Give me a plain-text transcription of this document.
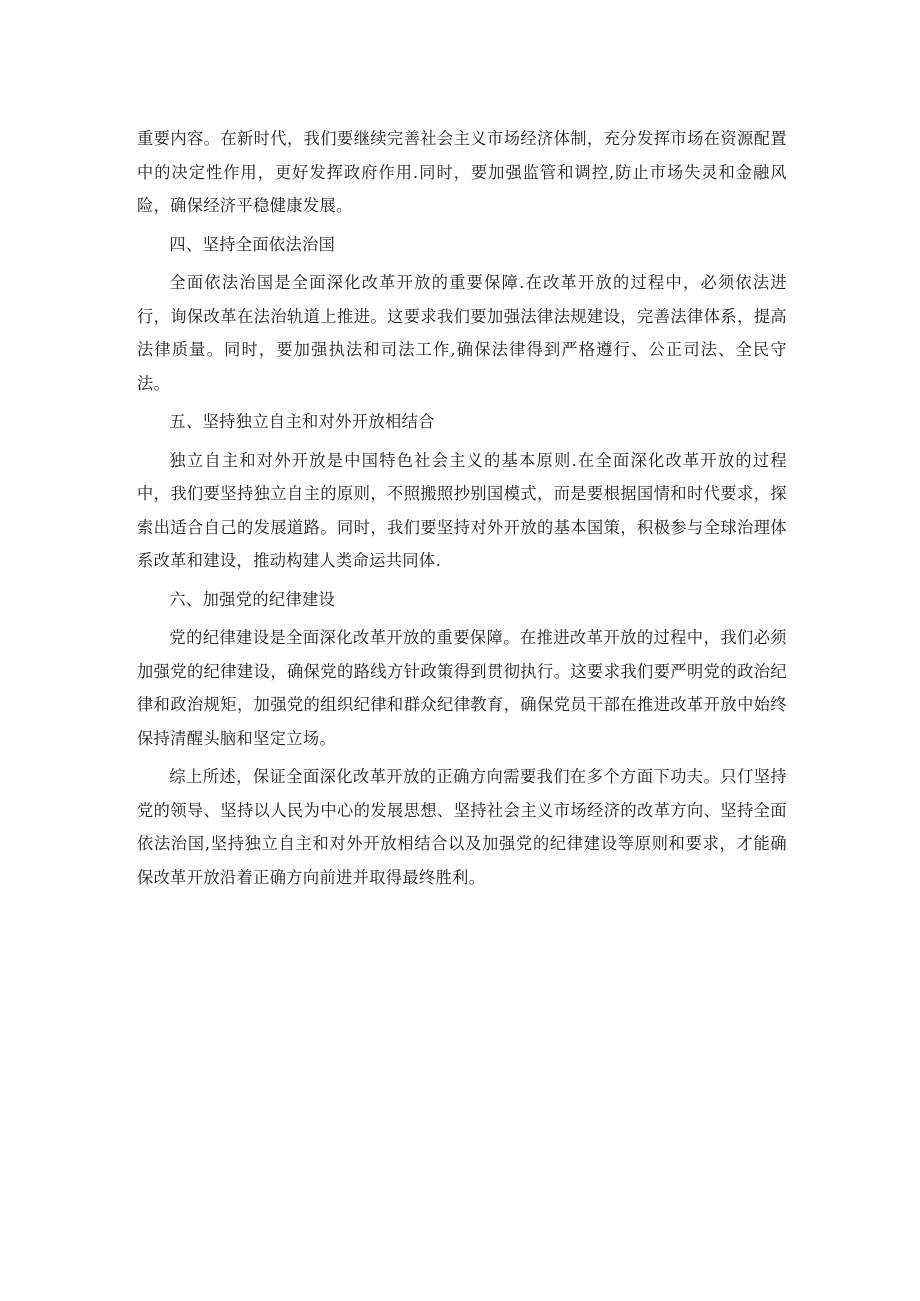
重要内容。在新时代，我们要继续完善社会主义市场经济体制，充分发挥市场在资源配置中的决定性作用，更好发挥政府作用.同时，要加强监管和调控,防止市场失灵和金融风险，确保经济平稳健康发展。

四、坚持全面依法治国

全面依法治国是全面深化改革开放的重要保障.在改革开放的过程中，必须依法进行，询保改革在法治轨道上推进。这要求我们要加强法律法规建设，完善法律体系，提高法律质量。同时，要加强执法和司法工作,确保法律得到严格遵行、公正司法、全民守法。

五、坚持独立自主和对外开放相结合

独立自主和对外开放是中国特色社会主义的基本原则.在全面深化改革开放的过程中，我们要坚持独立自主的原则，不照搬照抄别国模式，而是要根据国情和时代要求，探索出适合自己的发展道路。同时，我们要坚持对外开放的基本国策，积极参与全球治理体系改革和建设，推动构建人类命运共同体.

六、加强党的纪律建设

党的纪律建设是全面深化改革开放的重要保障。在推进改革开放的过程中，我们必须加强党的纪律建设，确保党的路线方针政策得到贯彻执行。这要求我们要严明党的政治纪律和政治规矩，加强党的组织纪律和群众纪律教育，确保党员干部在推进改革开放中始终保持清醒头脑和坚定立场。

综上所述，保证全面深化改革开放的正确方向需要我们在多个方面下功夫。只仃坚持党的领导、坚持以人民为中心的发展思想、坚持社会主义市场经济的改革方向、坚持全面依法治国,坚持独立自主和对外开放相结合以及加强党的纪律建设等原则和要求，才能确保改革开放沿着正确方向前进并取得最终胜利。
